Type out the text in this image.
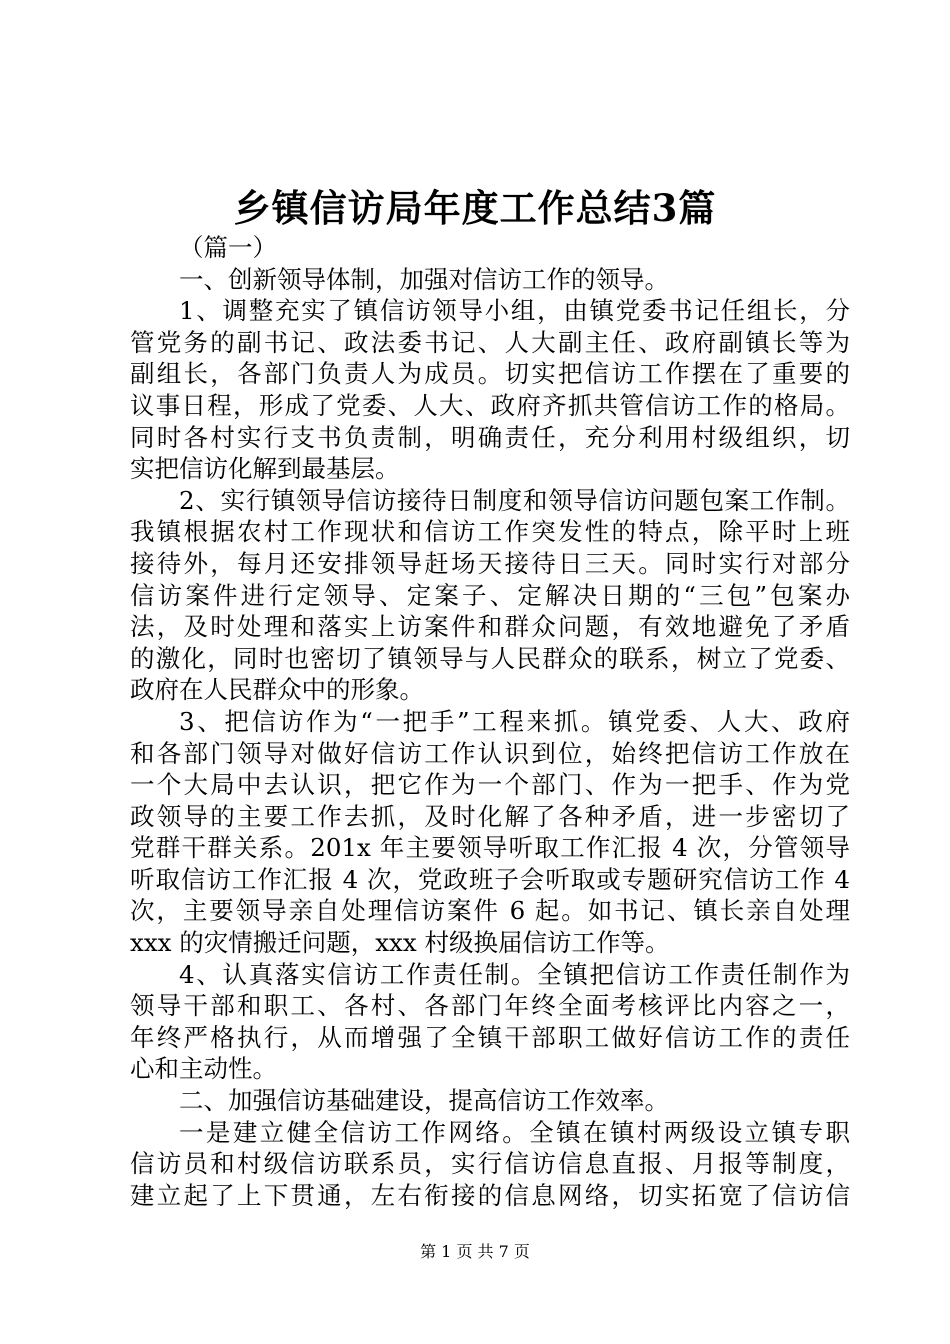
乡镇信访局年度工作总结3篇
（篇一）
一、创新领导体制，加强对信访工作的领导。
1、调整充实了镇信访领导小组，由镇党委书记任组长，分
管党务的副书记、政法委书记、人大副主任、政府副镇长等为
副组长，各部门负责人为成员。切实把信访工作摆在了重要的
议事日程，形成了党委、人大、政府齐抓共管信访工作的格局。
同时各村实行支书负责制，明确责任，充分利用村级组织，切
实把信访化解到最基层。
2、实行镇领导信访接待日制度和领导信访问题包案工作制。
我镇根据农村工作现状和信访工作突发性的特点，除平时上班
接待外，每月还安排领导赶场天接待日三天。同时实行对部分
信访案件进行定领导、定案子、定解决日期的“三包”包案办
法，及时处理和落实上访案件和群众问题，有效地避免了矛盾
的激化，同时也密切了镇领导与人民群众的联系，树立了党委、
政府在人民群众中的形象。
3、把信访作为“一把手”工程来抓。镇党委、人大、政府
和各部门领导对做好信访工作认识到位，始终把信访工作放在
一个大局中去认识，把它作为一个部门、作为一把手、作为党
政领导的主要工作去抓，及时化解了各种矛盾，进一步密切了
党群干群关系。201x 年主要领导听取工作汇报 4 次，分管领导
听取信访工作汇报 4 次，党政班子会听取或专题研究信访工作 4
次，主要领导亲自处理信访案件 6 起。如书记、镇长亲自处理
xxx 的灾情搬迁问题，xxx 村级换届信访工作等。
4、认真落实信访工作责任制。全镇把信访工作责任制作为
领导干部和职工、各村、各部门年终全面考核评比内容之一，
年终严格执行，从而增强了全镇干部职工做好信访工作的责任
心和主动性。
二、加强信访基础建设，提高信访工作效率。
一是建立健全信访工作网络。全镇在镇村两级设立镇专职
信访员和村级信访联系员，实行信访信息直报、月报等制度，
建立起了上下贯通，左右衔接的信息网络，切实拓宽了信访信
第 1 页 共 7 页
